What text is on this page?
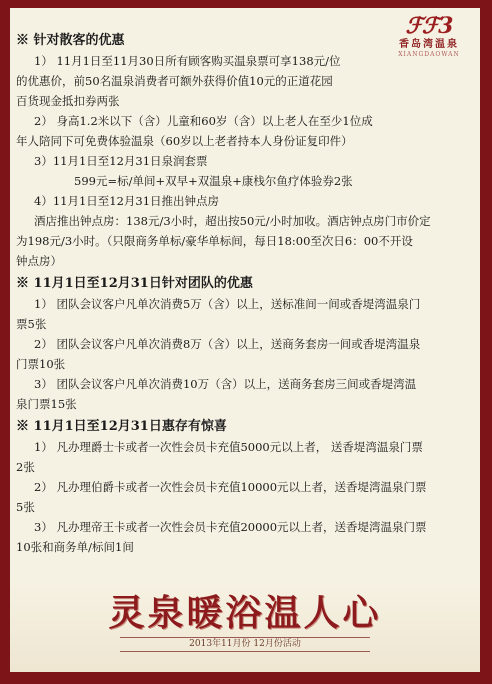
ℱℱ3
香岛湾温泉
XIANGDAOWAN
※ 针对散客的优惠
1） 11月1日至11月30日所有顾客购买温泉票可享138元/位
的优惠价，前50名温泉消费者可额外获得价值10元的正道花园
百货现金抵扣券两张
2） 身高1.2米以下（含）儿童和60岁（含）以上老人在至少1位成
年人陪同下可免费体验温泉（60岁以上老者持本人身份证复印件）
3）11月1日至12月31日泉润套票
599元=标/单间+双早+双温泉+康栈尔鱼疗体验券2张
4）11月1日至12月31日推出钟点房
酒店推出钟点房：138元/3小时，超出按50元/小时加收。酒店钟点房门市价定
为198元/3小时。（只限商务单标/豪华单标间，每日18:00至次日6：00不开设
钟点房）
※ 11月1日至12月31日针对团队的优惠
1） 团队会议客户凡单次消费5万（含）以上，送标准间一间或香堤湾温泉门
票5张
2） 团队会议客户凡单次消费8万（含）以上，送商务套房一间或香堤湾温泉
门票10张
3） 团队会议客户凡单次消费10万（含）以上，送商务套房三间或香堤湾温
泉门票15张
※ 11月1日至12月31日惠存有惊喜
1） 凡办理爵士卡或者一次性会员卡充值5000元以上者， 送香堤湾温泉门票
2张
2） 凡办理伯爵卡或者一次性会员卡充值10000元以上者，送香堤湾温泉门票
5张
3） 凡办理帝王卡或者一次性会员卡充值20000元以上者，送香堤湾温泉门票
10张和商务单/标间1间
灵泉暖浴温人心
2013年11月份 12月份活动
